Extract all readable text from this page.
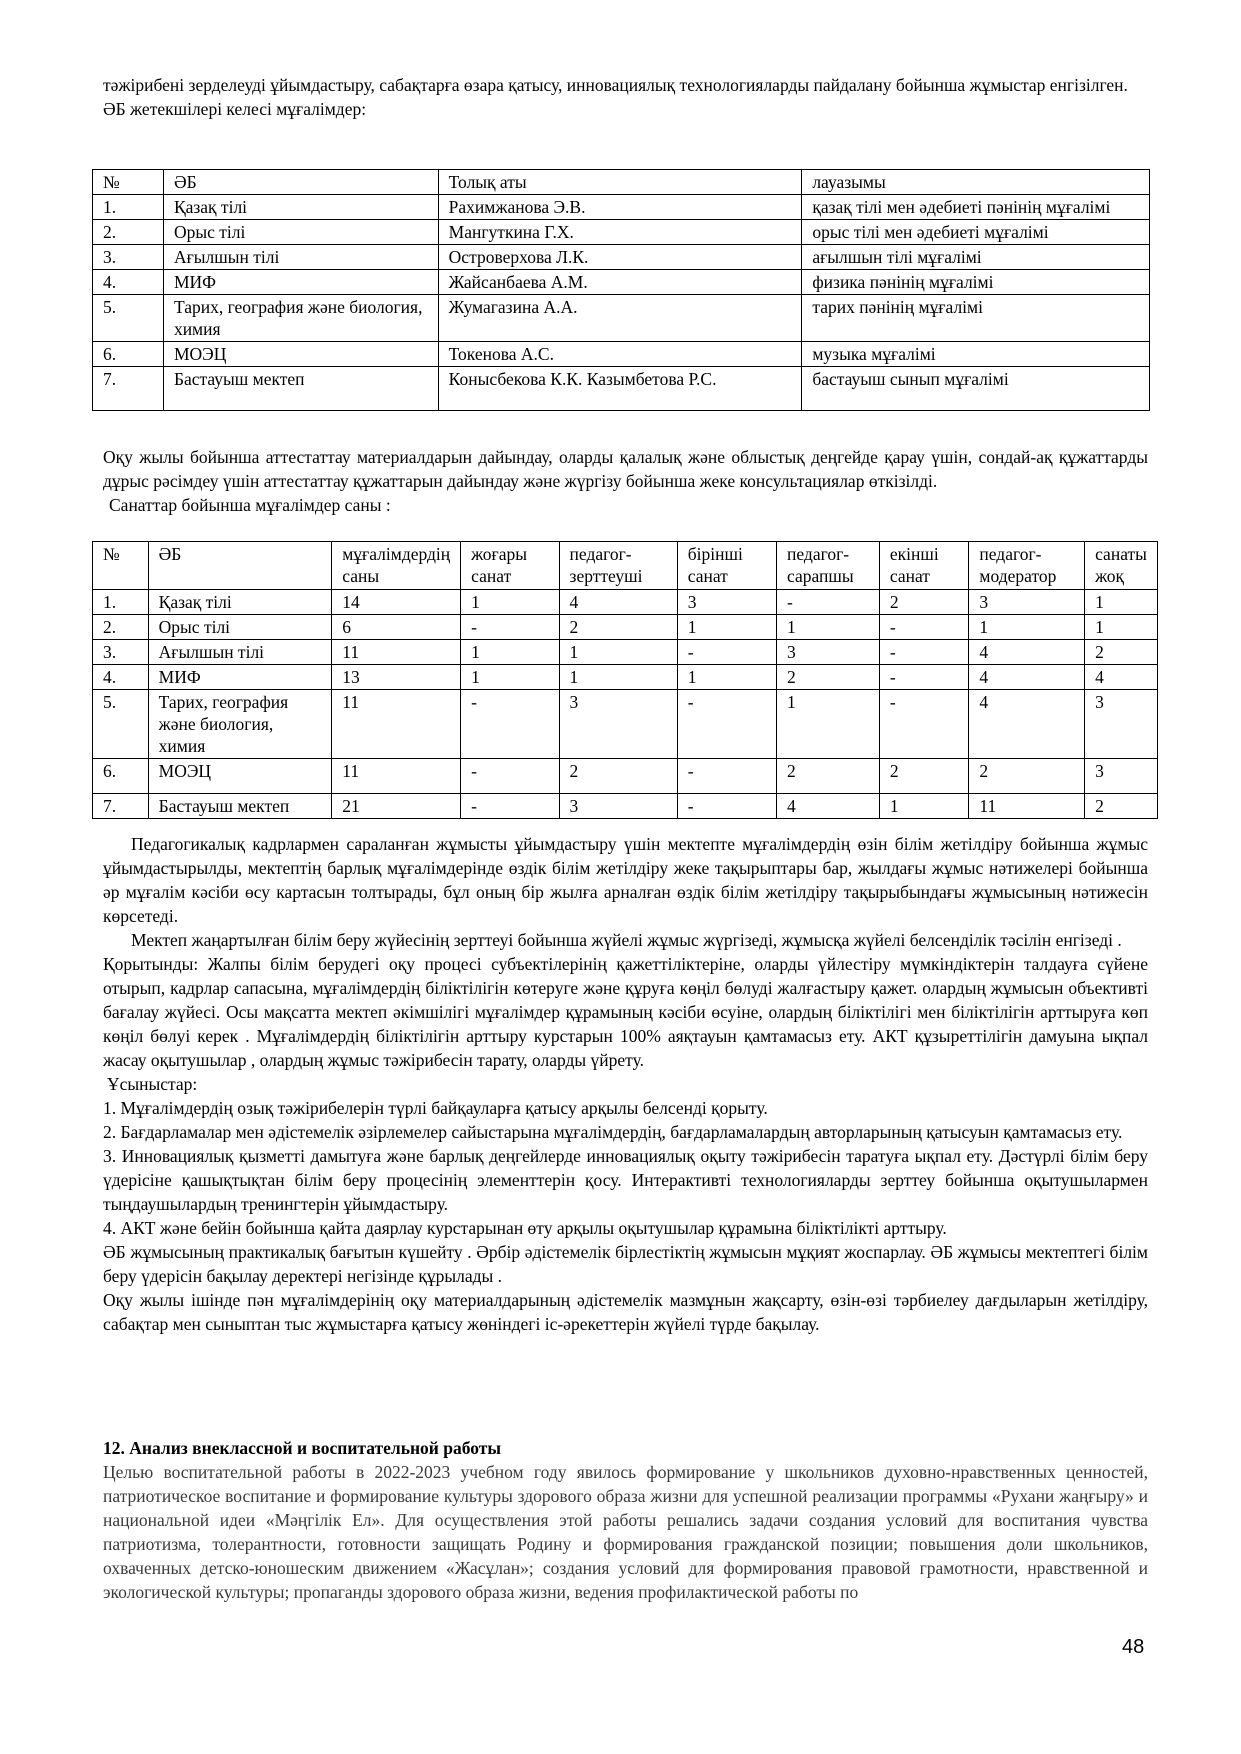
тәжірибені зерделеуді ұйымдастыру, сабақтарға өзара қатысу, инновациялық технологияларды пайдалану бойынша жұмыстар енгізілген.

ӘБ жетекшілері келесі мұғалімдер:

№	ӘБ	Толық аты	лауазымы
1.	Қазақ тілі	Рахимжанова Э.В.	қазақ тілі мен әдебиеті пәнінің мұғалімі
2.	Орыс тілі	Мангуткина Г.Х.	орыс тілі мен әдебиеті мұғалімі
3.	Ағылшын тілі	Островерхова Л.К.	ағылшын тілі мұғалімі
4.	МИФ	Жайсанбаева А.М.	физика пәнінің мұғалімі
5.	Тарих, география және биология, химия	Жумагазина А.А.	тарих пәнінің мұғалімі
6.	МОЭЦ	Токенова А.С.	музыка мұғалімі
7.	Бастауыш мектеп	Конысбекова К.К. Казымбетова Р.С.	бастауыш сынып мұғалімі

Оқу жылы бойынша аттестаттау материалдарын дайындау, оларды қалалық және облыстық деңгейде қарау үшін, сондай-ақ құжаттарды дұрыс рәсімдеу үшін аттестаттау құжаттарын дайындау және жүргізу бойынша жеке консультациялар өткізілді.

Санаттар бойынша мұғалімдер саны :

№	ӘБ	мұғалімдердің саны	жоғары санат	педагог-зерттеуші	бірінші санат	педагог-сарапшы	екінші санат	педагог-модератор	санаты жоқ
1.	Қазақ тілі	14	1	4	3	-	2	3	1
2.	Орыс тілі	6	-	2	1	1	-	1	1
3.	Ағылшын тілі	11	1	1	-	3	-	4	2
4.	МИФ	13	1	1	1	2	-	4	4
5.	Тарих, география және биология, химия	11	-	3	-	1	-	4	3
6.	МОЭЦ	11	-	2	-	2	2	2	3
7.	Бастауыш мектеп	21	-	3	-	4	1	11	2

Педагогикалық кадрлармен сараланған жұмысты ұйымдастыру үшін мектепте мұғалімдердің өзін білім жетілдіру бойынша жұмыс ұйымдастырылды, мектептің барлық мұғалімдерінде өздік білім жетілдіру жеке тақырыптары бар, жылдағы жұмыс нәтижелері бойынша әр мұғалім кәсіби өсу картасын толтырады, бұл оның бір жылға арналған өздік білім жетілдіру тақырыбындағы жұмысының нәтижесін көрсетеді.

Мектеп жаңартылған білім беру жүйесінің зерттеуі бойынша жүйелі жұмыс жүргізеді, жұмысқа жүйелі белсенділік тәсілін енгізеді .

Қорытынды: Жалпы білім берудегі оқу процесі субъектілерінің қажеттіліктеріне, оларды үйлестіру мүмкіндіктерін талдауға сүйене отырып, кадрлар сапасына, мұғалімдердің біліктілігін көтеруге және құруға көңіл бөлуді жалғастыру қажет. олардың жұмысын объективті бағалау жүйесі. Осы мақсатта мектеп әкімшілігі мұғалімдер құрамының кәсіби өсуіне, олардың біліктілігі мен біліктілігін арттыруға көп көңіл бөлуі керек . Мұғалімдердің біліктілігін арттыру курстарын 100% аяқтауын қамтамасыз ету. АКТ құзыреттілігін дамуына ықпал жасау оқытушылар , олардың жұмыс тәжірибесін тарату, оларды үйрету.

Ұсыныстар:

1. Мұғалімдердің озық тәжірибелерін түрлі байқауларға қатысу арқылы белсенді қорыту.

2. Бағдарламалар мен әдістемелік әзірлемелер сайыстарына мұғалімдердің, бағдарламалардың авторларының қатысуын қамтамасыз ету.

3. Инновациялық қызметті дамытуға және барлық деңгейлерде инновациялық оқыту тәжірибесін таратуға ықпал ету. Дәстүрлі білім беру үдерісіне қашықтықтан білім беру процесінің элементтерін қосу. Интерактивті технологияларды зерттеу бойынша оқытушылармен тыңдаушылардың тренингтерін ұйымдастыру.

4. АКТ және бейін бойынша қайта даярлау курстарынан өту арқылы оқытушылар құрамына біліктілікті арттыру.

ӘБ жұмысының практикалық бағытын күшейту . Әрбір әдістемелік бірлестіктің жұмысын мұқият жоспарлау. ӘБ жұмысы мектептегі білім беру үдерісін бақылау деректері негізінде құрылады .

Оқу жылы ішінде пән мұғалімдерінің оқу материалдарының әдістемелік мазмұнын жақсарту, өзін-өзі тәрбиелеу дағдыларын жетілдіру, сабақтар мен сыныптан тыс жұмыстарға қатысу жөніндегі іс-әрекеттерін жүйелі түрде бақылау.

12. Анализ внеклассной и воспитательной работы

Целью воспитательной работы в 2022-2023 учебном году явилось формирование у школьников духовно-нравственных ценностей, патриотическое воспитание и формирование культуры здорового образа жизни для успешной реализации программы «Рухани жаңғыру» и национальной идеи «Мәңгілік Ел». Для осуществления этой работы решались задачи создания условий для воспитания чувства патриотизма, толерантности, готовности защищать Родину и формирования гражданской позиции; повышения доли школьников, охваченных детско-юношеским движением «Жасұлан»; создания условий для формирования правовой грамотности, нравственной и экологической культуры; пропаганды здорового образа жизни, ведения профилактической работы по

48
